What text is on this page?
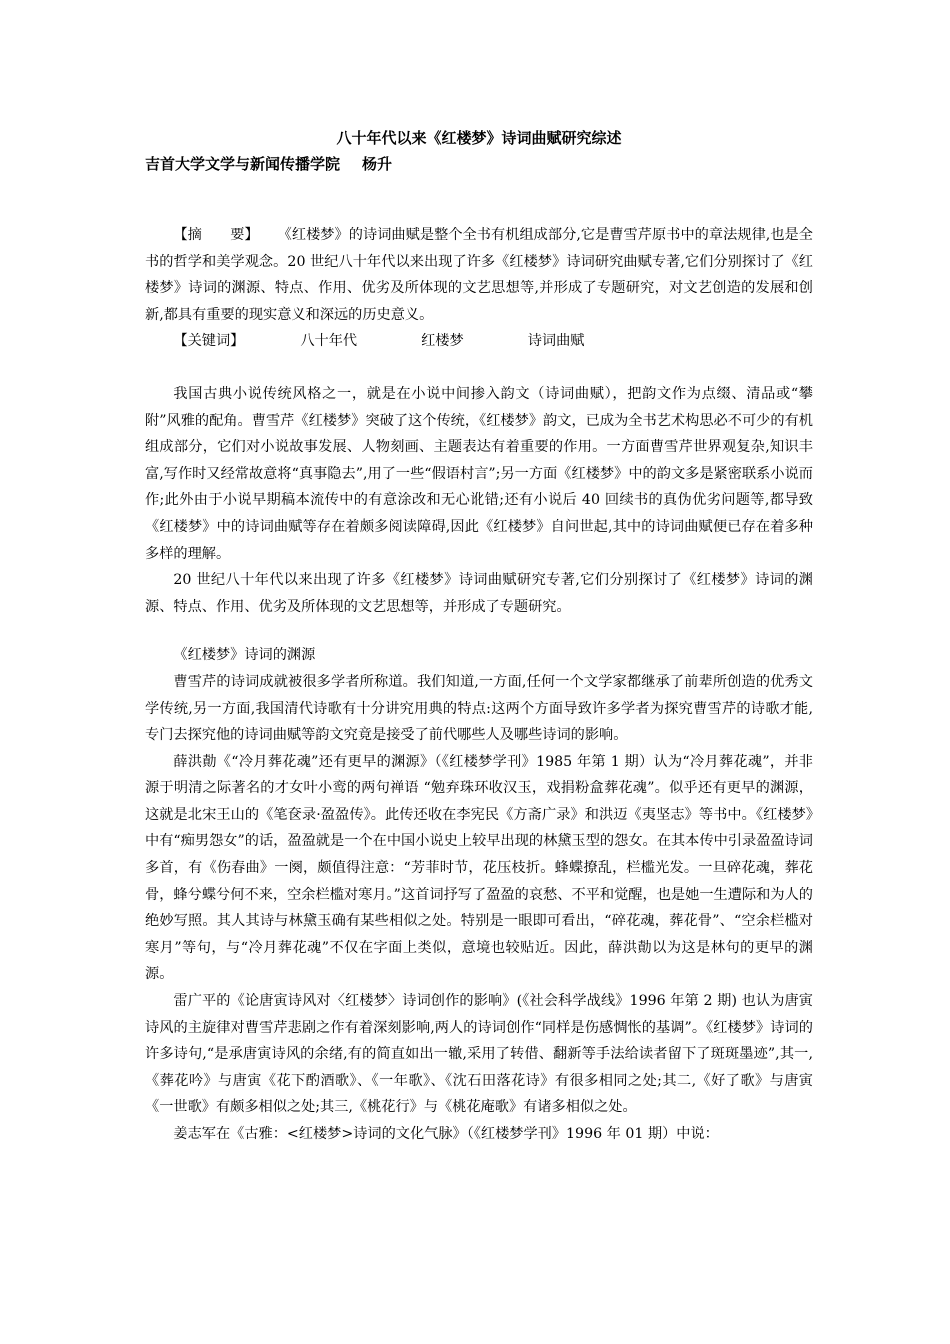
八十年代以来《红楼梦》诗词曲赋研究综述
吉首大学文学与新闻传播学院 杨升

【摘　　要】 《红楼梦》的诗词曲赋是整个全书有机组成部分,它是曹雪芹原书中的章法规律,也是全书的哲学和美学观念。20 世纪八十年代以来出现了许多《红楼梦》诗词研究曲赋专著,它们分别探讨了《红楼梦》诗词的渊源、特点、作用、优劣及所体现的文艺思想等,并形成了专题研究，对文艺创造的发展和创新,都具有重要的现实意义和深远的历史意义。

【关键词】	八十年代	红楼梦	诗词曲赋

我国古典小说传统风格之一，就是在小说中间掺入韵文（诗词曲赋），把韵文作为点缀、清品或“攀附”风雅的配角。曹雪芹《红楼梦》突破了这个传统，《红楼梦》韵文，已成为全书艺术构思必不可少的有机组成部分，它们对小说故事发展、人物刻画、主题表达有着重要的作用。一方面曹雪芹世界观复杂,知识丰富,写作时又经常故意将“真事隐去”,用了一些“假语村言”;另一方面《红楼梦》中的韵文多是紧密联系小说而作;此外由于小说早期稿本流传中的有意涂改和无心讹错;还有小说后 40 回续书的真伪优劣问题等,都导致《红楼梦》中的诗词曲赋等存在着颇多阅读障碍,因此《红楼梦》自问世起,其中的诗词曲赋便已存在着多种多样的理解。

20 世纪八十年代以来出现了许多《红楼梦》诗词曲赋研究专著,它们分别探讨了《红楼梦》诗词的渊源、特点、作用、优劣及所体现的文艺思想等，并形成了专题研究。

《红楼梦》诗词的渊源

曹雪芹的诗词成就被很多学者所称道。我们知道,一方面,任何一个文学家都继承了前辈所创造的优秀文学传统,另一方面,我国清代诗歌有十分讲究用典的特点:这两个方面导致许多学者为探究曹雪芹的诗歌才能,专门去探究他的诗词曲赋等韵文究竟是接受了前代哪些人及哪些诗词的影响。

薛洪勣《“冷月葬花魂”还有更早的渊源》（《红楼梦学刊》1985 年第 1 期）认为“冷月葬花魂”，并非源于明清之际著名的才女叶小鸾的两句禅语 “勉弃珠环收汉玉，戏捐粉盒葬花魂”。似乎还有更早的渊源，这就是北宋王山的《笔奁录·盈盈传》。此传还收在李宪民《方斋广录》和洪迈《夷坚志》等书中。《红楼梦》中有“痴男怨女”的话，盈盈就是一个在中国小说史上较早出现的林黛玉型的怨女。在其本传中引录盈盈诗词多首，有《伤春曲》一阕，颇值得注意：“芳菲时节，花压枝折。蜂蝶撩乱，栏槛光发。一旦碎花魂，葬花骨，蜂兮蝶兮何不来，空余栏槛对寒月。”这首词抒写了盈盈的哀愁、不平和觉醒，也是她一生遭际和为人的绝妙写照。其人其诗与林黛玉确有某些相似之处。特别是一眼即可看出，“碎花魂，葬花骨”、“空余栏槛对寒月”等句，与“冷月葬花魂”不仅在字面上类似，意境也较贴近。因此，薛洪勣以为这是林句的更早的渊源。

雷广平的《论唐寅诗风对〈红楼梦〉诗词创作的影响》(《社会科学战线》1996 年第 2 期) 也认为唐寅诗风的主旋律对曹雪芹悲剧之作有着深刻影响,两人的诗词创作“同样是伤感惆怅的基调”。《红楼梦》诗词的许多诗句,“是承唐寅诗风的余绪,有的简直如出一辙,采用了转借、翻新等手法给读者留下了斑斑墨迹”,其一,《葬花吟》与唐寅《花下酌酒歌》、《一年歌》、《沈石田落花诗》有很多相同之处;其二,《好了歌》与唐寅《一世歌》有颇多相似之处;其三,《桃花行》与《桃花庵歌》有诸多相似之处。

姜志军在《古雅：<红楼梦>诗词的文化气脉》（《红楼梦学刊》1996 年 01 期）中说：
